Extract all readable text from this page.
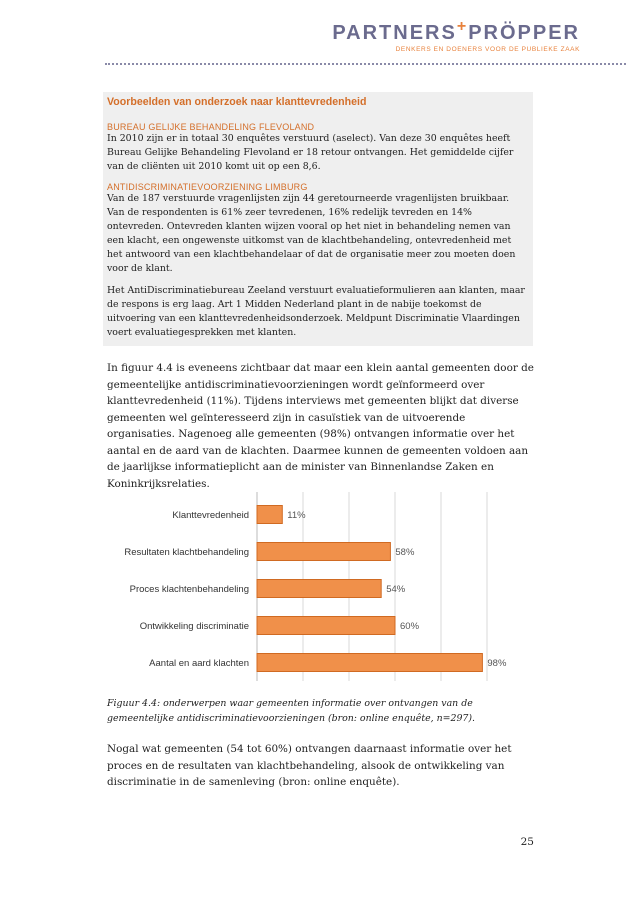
PARTNERS+PRÖPPER
DENKERS EN DOENERS VOOR DE PUBLIEKE ZAAK
Voorbeelden van onderzoek naar klanttevredenheid
BUREAU GELIJKE BEHANDELING FLEVOLAND

In 2010 zijn er in totaal 30 enquêtes verstuurd (aselect). Van deze 30 enquêtes heeft Bureau Gelijke Behandeling Flevoland er 18 retour ontvangen. Het gemiddelde cijfer van de cliënten uit 2010 komt uit op een 8,6.

ANTIDISCRIMINATIEVOORZIENING LIMBURG

Van de 187 verstuurde vragenlijsten zijn 44 geretourneerde vragenlijsten bruikbaar. Van de respondenten is 61% zeer tevredenen, 16% redelijk tevreden en 14% ontevreden. Ontevreden klanten wijzen vooral op het niet in behandeling nemen van een klacht, een ongewenste uitkomst van de klachtbehandeling, ontevredenheid met het antwoord van een klachtbehandelaar of dat de organisatie meer zou moeten doen voor de klant.

Het AntiDiscriminatiebureau Zeeland verstuurt evaluatieformulieren aan klanten, maar de respons is erg laag. Art 1 Midden Nederland plant in de nabije toekomst de uitvoering van een klanttevredenheidsonderzoek. Meldpunt Discriminatie Vlaardingen voert evaluatiegesprekken met klanten.

In figuur 4.4 is eveneens zichtbaar dat maar een klein aantal gemeenten door de gemeentelijke antidiscriminatievoorzieningen wordt geïnformeerd over klanttevredenheid (11%). Tijdens interviews met gemeenten blijkt dat diverse gemeenten wel geïnteresseerd zijn in casuïstiek van de uitvoerende organisaties. Nagenoeg alle gemeenten (98%) ontvangen informatie over het aantal en de aard van de klachten. Daarmee kunnen de gemeenten voldoen aan de jaarlijkse informatieplicht aan de minister van Binnenlandse Zaken en Koninkrijksrelaties.

Klanttevredenheid	11%
Resultaten klachtbehandeling	58%
Proces klachtenbehandeling	54%
Ontwikkeling discriminatie	60%
Aantal en aard klachten	98%
Figuur 4.4: onderwerpen waar gemeenten informatie over ontvangen van de gemeentelijke antidiscriminatievoorzieningen (bron: online enquête, n=297).

Nogal wat gemeenten (54 tot 60%) ontvangen daarnaast informatie over het proces en de resultaten van klachtbehandeling, alsook de ontwikkeling van discriminatie in de samenleving (bron: online enquête).

25
